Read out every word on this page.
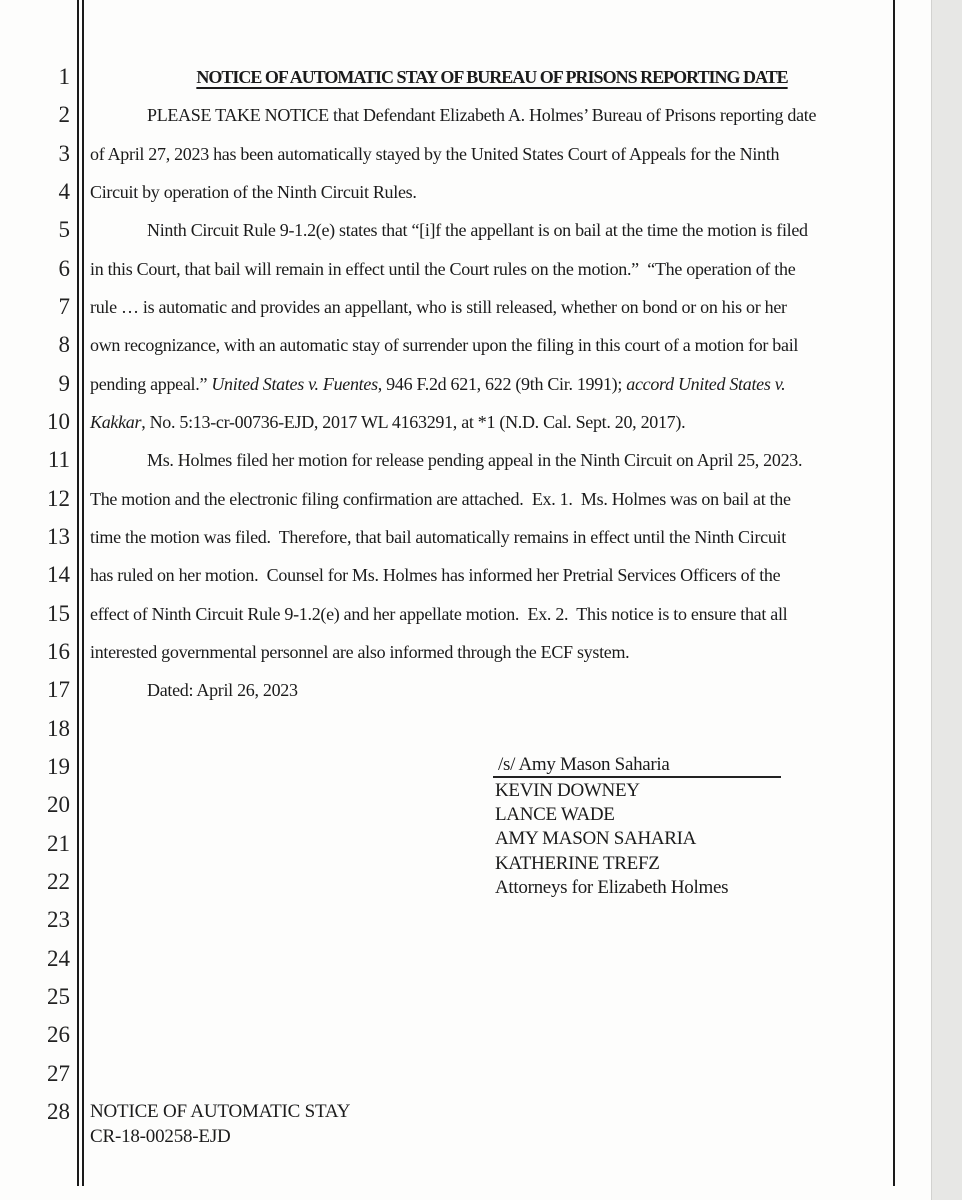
NOTICE OF AUTOMATIC STAY OF BUREAU OF PRISONS REPORTING DATE
1
2
3
4
5
6
7
8
9
10
11
12
13
14
15
16
17
18
19
20
21
22
23
24
25
26
27
28
PLEASE TAKE NOTICE that Defendant Elizabeth A. Holmes’ Bureau of Prisons reporting date
of April 27, 2023 has been automatically stayed by the United States Court of Appeals for the Ninth
Circuit by operation of the Ninth Circuit Rules.
Ninth Circuit Rule 9-1.2(e) states that “[i]f the appellant is on bail at the time the motion is filed
in this Court, that bail will remain in effect until the Court rules on the motion.”  “The operation of the
rule … is automatic and provides an appellant, who is still released, whether on bond or on his or her
own recognizance, with an automatic stay of surrender upon the filing in this court of a motion for bail
pending appeal.” United States v. Fuentes, 946 F.2d 621, 622 (9th Cir. 1991); accord United States v.
Kakkar, No. 5:13-cr-00736-EJD, 2017 WL 4163291, at *1 (N.D. Cal. Sept. 20, 2017).
Ms. Holmes filed her motion for release pending appeal in the Ninth Circuit on April 25, 2023.
The motion and the electronic filing confirmation are attached.  Ex. 1.  Ms. Holmes was on bail at the
time the motion was filed.  Therefore, that bail automatically remains in effect until the Ninth Circuit
has ruled on her motion.  Counsel for Ms. Holmes has informed her Pretrial Services Officers of the
effect of Ninth Circuit Rule 9-1.2(e) and her appellate motion.  Ex. 2.  This notice is to ensure that all
interested governmental personnel are also informed through the ECF system.
Dated: April 26, 2023
/s/ Amy Mason Saharia
KEVIN DOWNEY
LANCE WADE
AMY MASON SAHARIA
KATHERINE TREFZ
Attorneys for Elizabeth Holmes
NOTICE OF AUTOMATIC STAY
CR-18-00258-EJD
